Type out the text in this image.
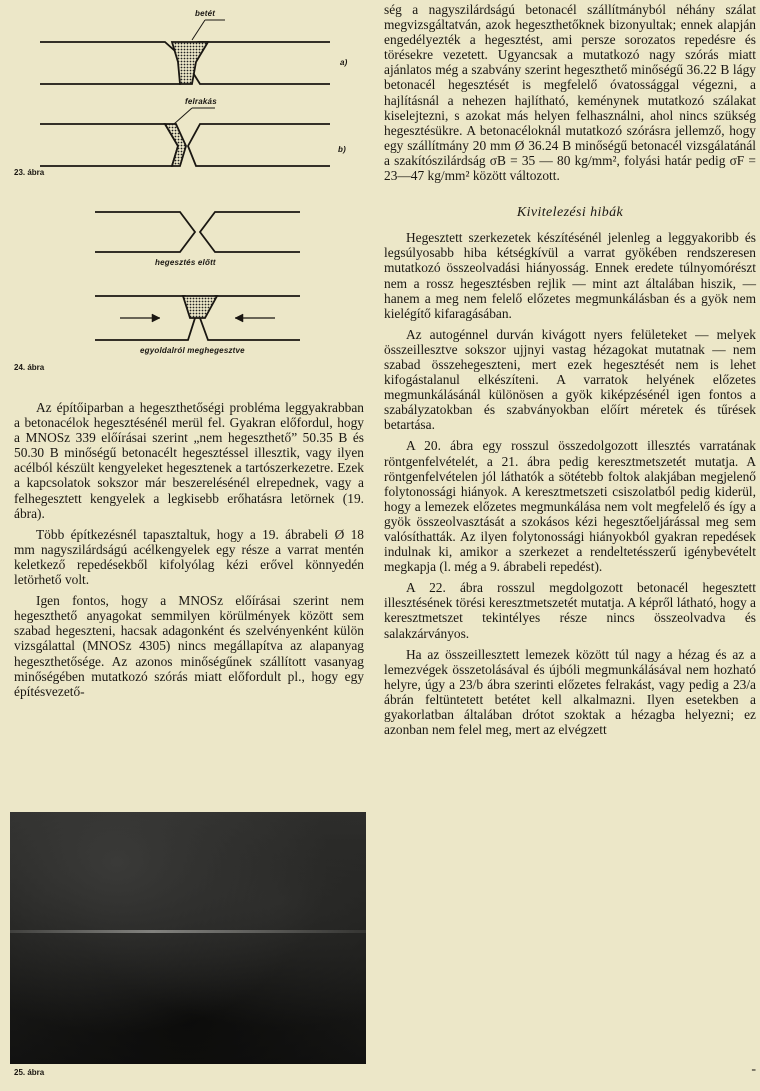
betét
a)
felrakás
b)
23. ábra
hegesztés előtt
egyoldalról meghegesztve
24. ábra

Az építőiparban a hegeszthetőségi probléma leggyakrabban a betonacélok hegesztésénél merül fel. Gyakran előfordul, hogy a MNOSz 339 előírásai szerint „nem hegeszthető” 50.35 B és 50.30 B minőségű betonacélt hegesztéssel illesztik, vagy ilyen acélból készült kengyeleket hegesztenek a tartószerkezetre. Ezek a kapcsolatok sokszor már beszerelésénél elrepednek, vagy a felhegesztett kengyelek a legkisebb erőhatásra letörnek (19. ábra).

Több építkezésnél tapasztaltuk, hogy a 19. ábrabeli Ø 18 mm nagyszilárdságú acélkengyelek egy része a varrat mentén keletkező repedésekből kifolyólag kézi erővel könnyedén letörhető volt.

Igen fontos, hogy a MNOSz előírásai szerint nem hegeszthető anyagokat semmilyen körülmények között sem szabad hegeszteni, hacsak adagonként és szelvényenként külön vizsgálattal (MNOSz 4305) nincs megállapítva az alapanyag hegeszthetősége. Az azonos minőségűnek szállított vasanyag minőségében mutatkozó szórás miatt előfordult pl., hogy egy építésvezető-

25. ábra

ség a nagyszilárdságú betonacél szállítmányból néhány szálat megvizsgáltatván, azok hegeszthetőknek bizonyultak; ennek alapján engedélyezték a hegesztést, ami persze sorozatos repedésre és törésekre vezetett. Ugyancsak a mutatkozó nagy szórás miatt ajánlatos még a szabvány szerint hegeszthető minőségű 36.22 B lágy betonacél hegesztését is megfelelő óvatossággal végezni, a hajlításnál a nehezen hajlítható, keménynek mutatkozó szálakat kiselejtezni, s azokat más helyen felhasználni, ahol nincs szükség hegesztésükre. A betonacéloknál mutatkozó szórásra jellemző, hogy egy szállítmány 20 mm Ø 36.24 B minőségű betonacél vizsgálatánál a szakítószilárdság σB = 35 — 80 kg/mm², folyási határ pedig σF = 23—47 kg/mm² között változott.

Kivitelezési hibák

Hegesztett szerkezetek készítésénél jelenleg a leggyakoribb és legsúlyosabb hiba kétségkívül a varrat gyökében rendszeresen mutatkozó összeolvadási hiányosság. Ennek eredete túlnyomórészt nem a rossz hegesztésben rejlik — mint azt általában hiszik, — hanem a meg nem felelő előzetes megmunkálásban és a gyök nem kielégítő kifaragásában.

Az autogénnel durván kivágott nyers felületeket — melyek összeillesztve sokszor ujjnyi vastag hézagokat mutatnak — nem szabad összehegeszteni, mert ezek hegesztését nem is lehet kifogástalanul elkészíteni. A varratok helyének előzetes megmunkálásánál különösen a gyök kiképzésénél igen fontos a szabályzatokban és szabványokban előírt méretek és tűrések betartása.

A 20. ábra egy rosszul összedolgozott illesztés varratának röntgenfelvételét, a 21. ábra pedig keresztmetszetét mutatja. A röntgenfelvételen jól láthatók a sötétebb foltok alakjában megjelenő folytonossági hiányok. A keresztmetszeti csiszolatból pedig kiderül, hogy a lemezek előzetes megmunkálása nem volt megfelelő és így a gyök összeolvasztását a szokásos kézi hegesztőeljárással meg sem valósíthatták. Az ilyen folytonossági hiányokból gyakran repedések indulnak ki, amikor a szerkezet a rendeltetésszerű igénybevételt megkapja (l. még a 9. ábrabeli repedést).

A 22. ábra rosszul megdolgozott betonacél hegesztett illesztésének törési keresztmetszetét mutatja. A képről látható, hogy a keresztmetszet tekintélyes része nincs összeolvadva és salakzárványos.

Ha az összeillesztett lemezek között túl nagy a hézag és az a lemezvégek összetolásával és újbóli megmunkálásával nem hozható helyre, úgy a 23/b ábra szerinti előzetes felrakást, vagy pedig a 23/a ábrán feltüntetett betétet kell alkalmazni. Ilyen esetekben a gyakorlatban általában drótot szoktak a hézagba helyezni; ez azonban nem felel meg, mert az elvégzett

-
